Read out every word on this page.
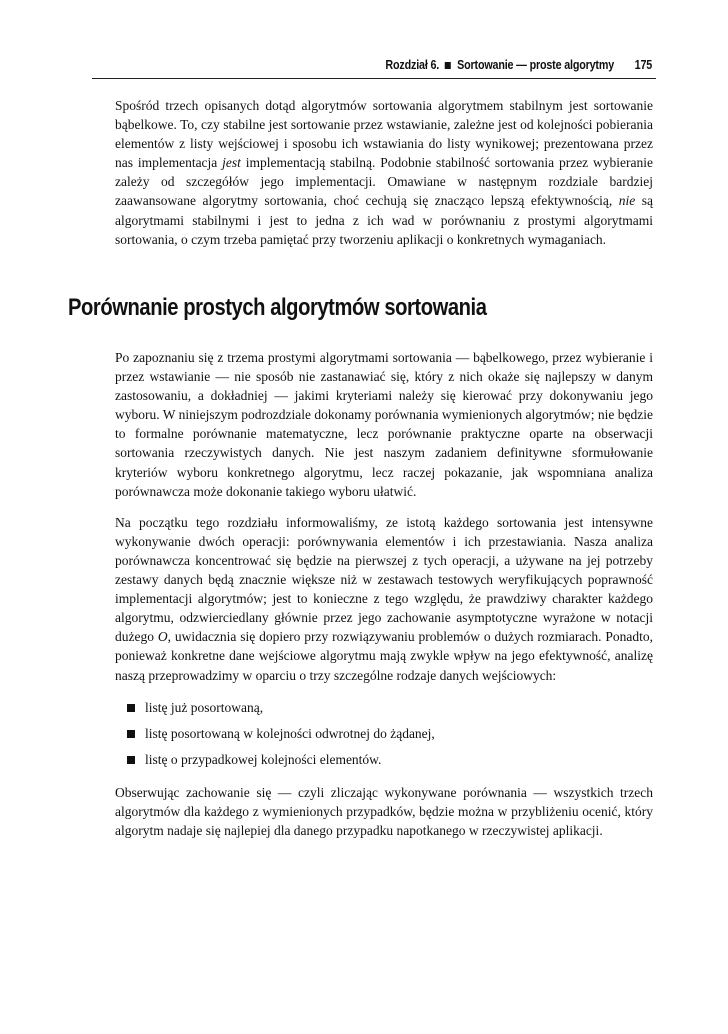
Rozdział 6. Sortowanie — proste algorytmy 175

Spośród trzech opisanych dotąd algorytmów sortowania algorytmem stabilnym jest sortowanie bąbelkowe. To, czy stabilne jest sortowanie przez wstawianie, zależne jest od kolejności pobierania elementów z listy wejściowej i sposobu ich wstawiania do listy wynikowej; prezentowana przez nas implementacja jest implementacją stabilną. Podobnie stabilność sortowania przez wybieranie zależy od szczegółów jego implementacji. Omawiane w następnym rozdziale bardziej zaawansowane algorytmy sortowania, choć cechują się znacząco lepszą efektywnością, nie są algorytmami stabilnymi i jest to jedna z ich wad w porównaniu z prostymi algorytmami sortowania, o czym trzeba pamiętać przy tworzeniu aplikacji o konkretnych wymaganiach.

Porównanie prostych algorytmów sortowania

Po zapoznaniu się z trzema prostymi algorytmami sortowania — bąbelkowego, przez wybieranie i przez wstawianie — nie sposób nie zastanawiać się, który z nich okaże się najlepszy w danym zastosowaniu, a dokładniej — jakimi kryteriami należy się kierować przy dokonywaniu jego wyboru. W niniejszym podrozdziale dokonamy porównania wymienionych algorytmów; nie będzie to formalne porównanie matematyczne, lecz porównanie praktyczne oparte na obserwacji sortowania rzeczywistych danych. Nie jest naszym zadaniem definitywne sformułowanie kryteriów wyboru konkretnego algorytmu, lecz raczej pokazanie, jak wspomniana analiza porównawcza może dokonanie takiego wyboru ułatwić.

Na początku tego rozdziału informowaliśmy, ze istotą każdego sortowania jest intensywne wykonywanie dwóch operacji: porównywania elementów i ich przestawiania. Nasza analiza porównawcza koncentrować się będzie na pierwszej z tych operacji, a używane na jej potrzeby zestawy danych będą znacznie większe niż w zestawach testowych weryfikujących poprawność implementacji algorytmów; jest to konieczne z tego względu, że prawdziwy charakter każdego algorytmu, odzwierciedlany głównie przez jego zachowanie asymptotyczne wyrażone w notacji dużego O, uwidacznia się dopiero przy rozwiązywaniu problemów o dużych rozmiarach. Ponadto, ponieważ konkretne dane wejściowe algorytmu mają zwykle wpływ na jego efektywność, analizę naszą przeprowadzimy w oparciu o trzy szczególne rodzaje danych wejściowych:

listę już posortowaną,
listę posortowaną w kolejności odwrotnej do żądanej,
listę o przypadkowej kolejności elementów.

Obserwując zachowanie się — czyli zliczając wykonywane porównania — wszystkich trzech algorytmów dla każdego z wymienionych przypadków, będzie można w przybliżeniu ocenić, który algorytm nadaje się najlepiej dla danego przypadku napotkanego w rzeczywistej aplikacji.
